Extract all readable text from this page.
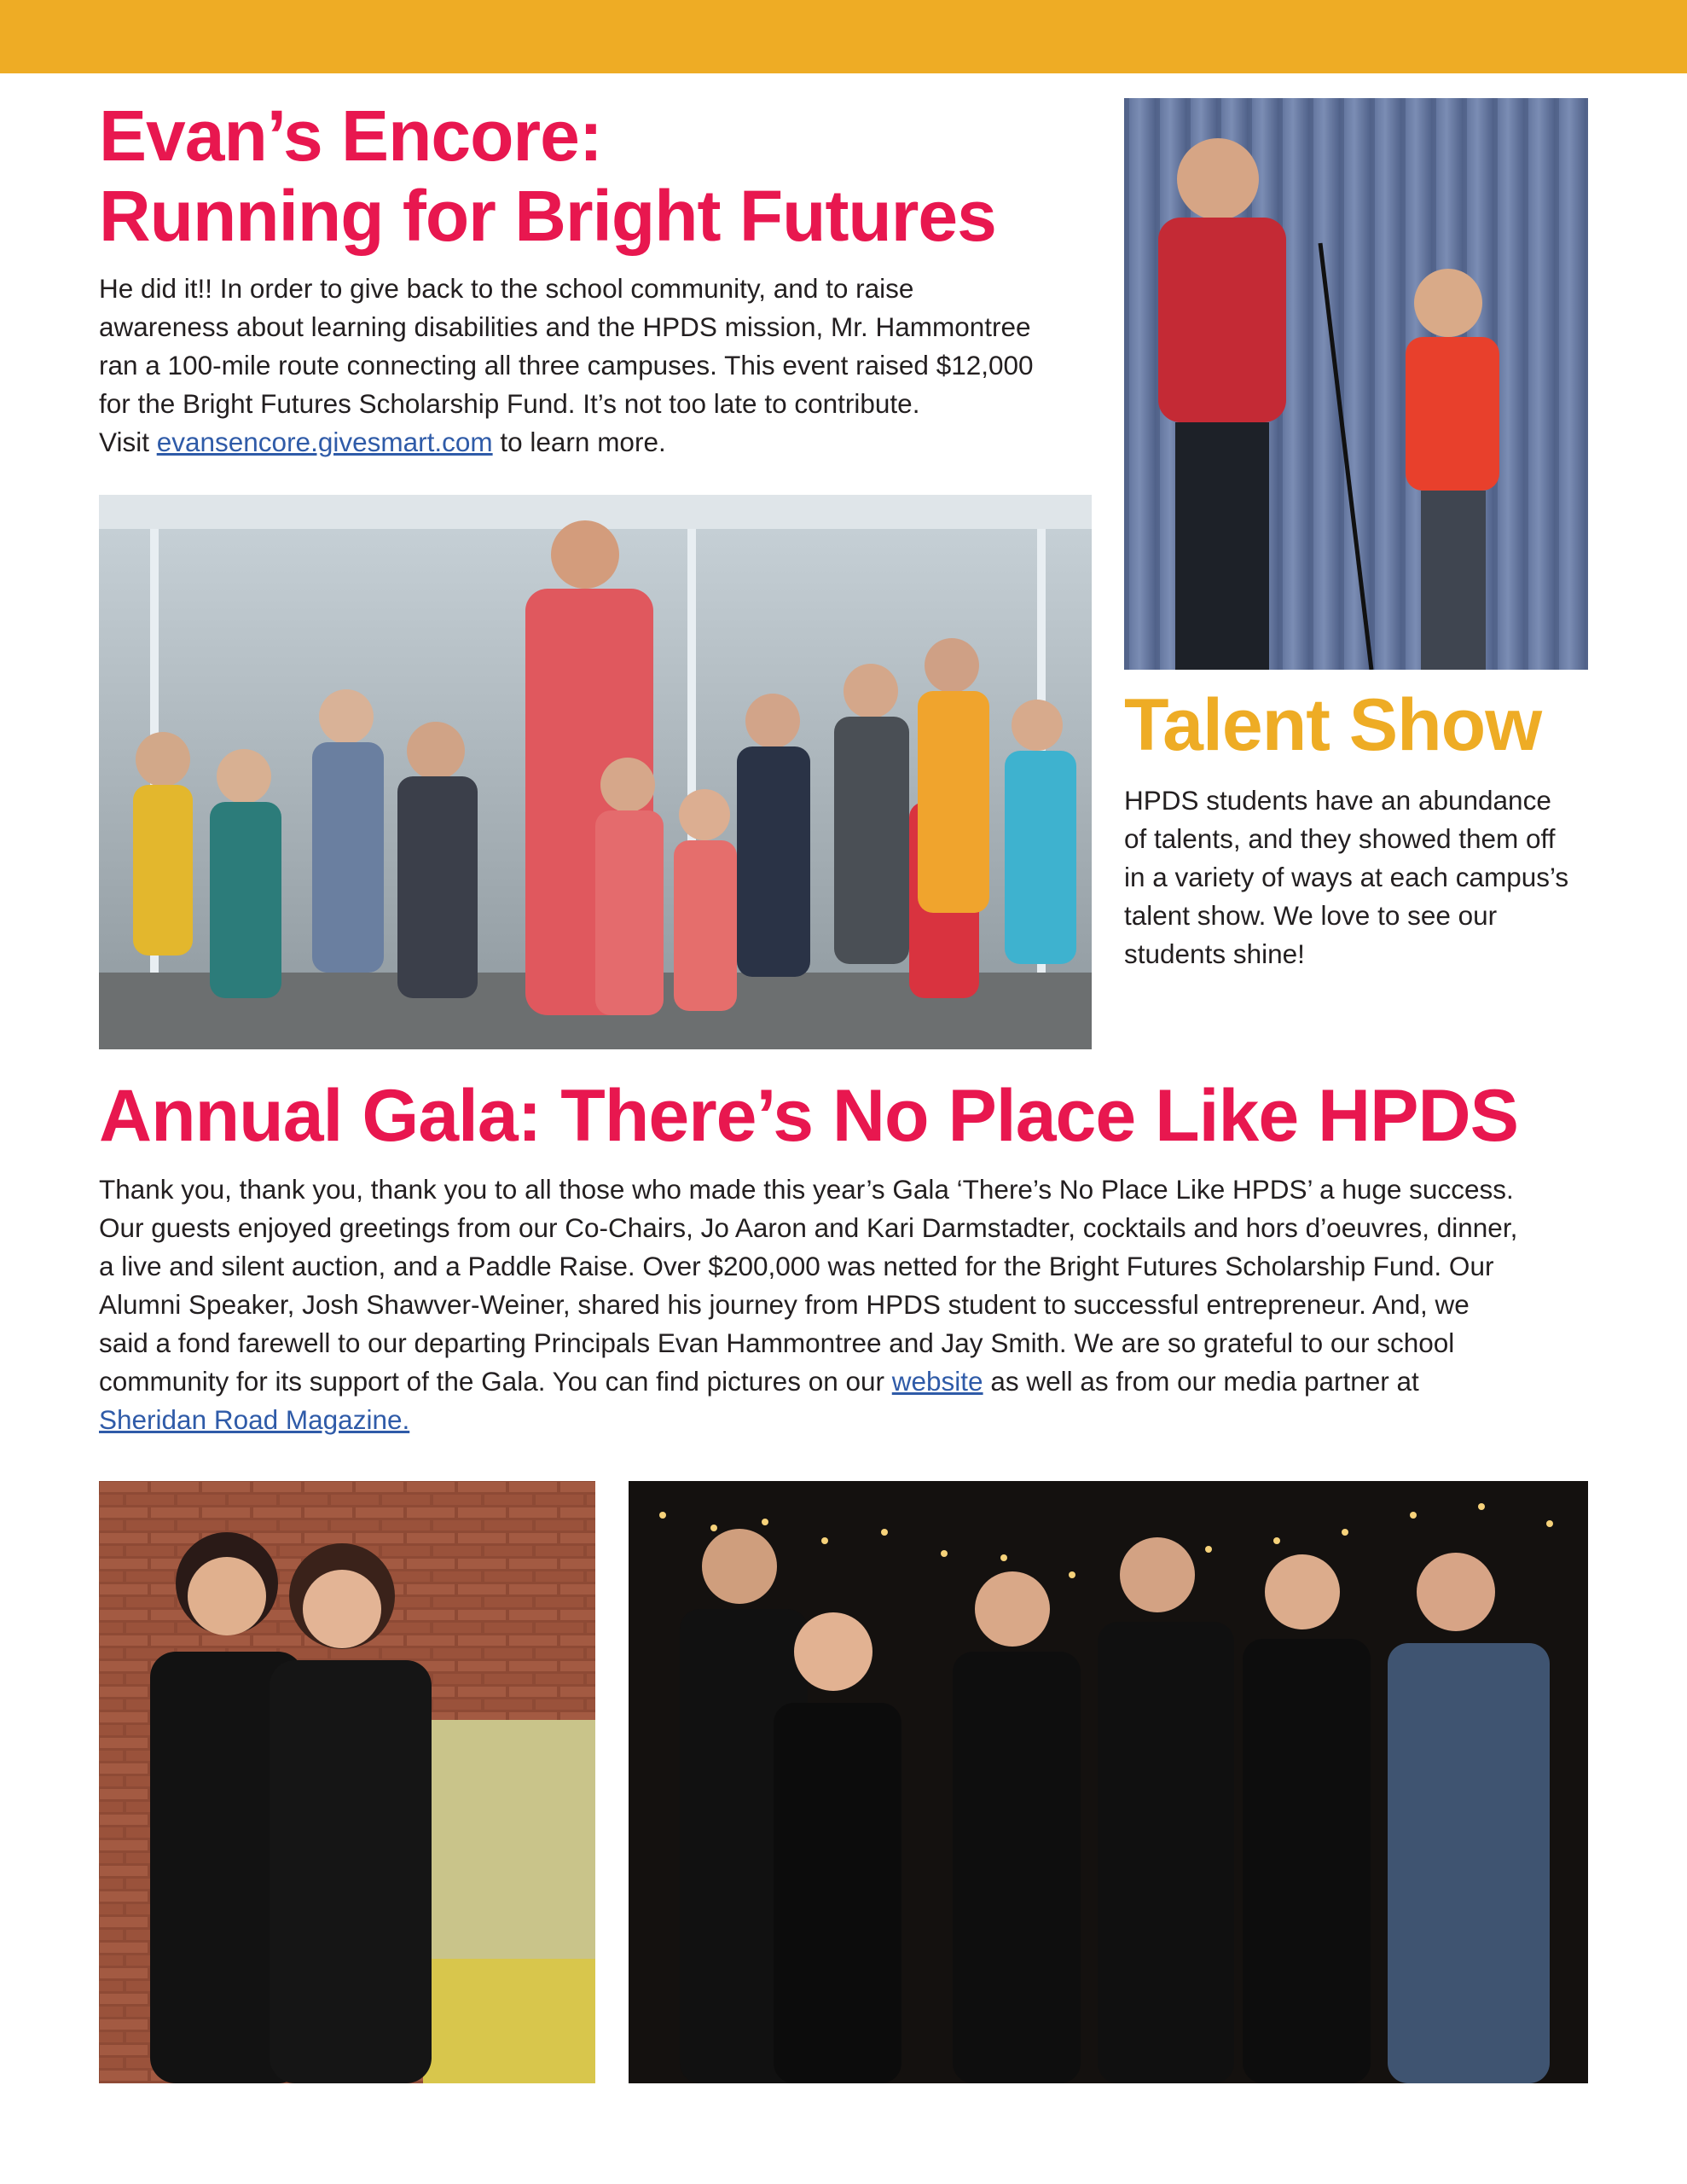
Evan’s Encore:
Running for Bright Futures

He did it!! In order to give back to the school community, and to raise
awareness about learning disabilities and the HPDS mission, Mr. Hammontree
ran a 100-mile route connecting all three campuses. This event raised $12,000
for the Bright Futures Scholarship Fund. It’s not too late to contribute.
Visit evansencore.givesmart.com to learn more.

Talent Show

HPDS students have an abundance
of talents, and they showed them off
in a variety of ways at each campus’s
talent show. We love to see our
students shine!

Annual Gala: There’s No Place Like HPDS

Thank you, thank you, thank you to all those who made this year’s Gala ‘There’s No Place Like HPDS’ a huge success.
Our guests enjoyed greetings from our Co-Chairs, Jo Aaron and Kari Darmstadter, cocktails and hors d’oeuvres, dinner,
a live and silent auction, and a Paddle Raise. Over $200,000 was netted for the Bright Futures Scholarship Fund. Our
Alumni Speaker, Josh Shawver-Weiner, shared his journey from HPDS student to successful entrepreneur. And, we
said a fond farewell to our departing Principals Evan Hammontree and Jay Smith. We are so grateful to our school
community for its support of the Gala. You can find pictures on our website as well as from our media partner at
Sheridan Road Magazine.
